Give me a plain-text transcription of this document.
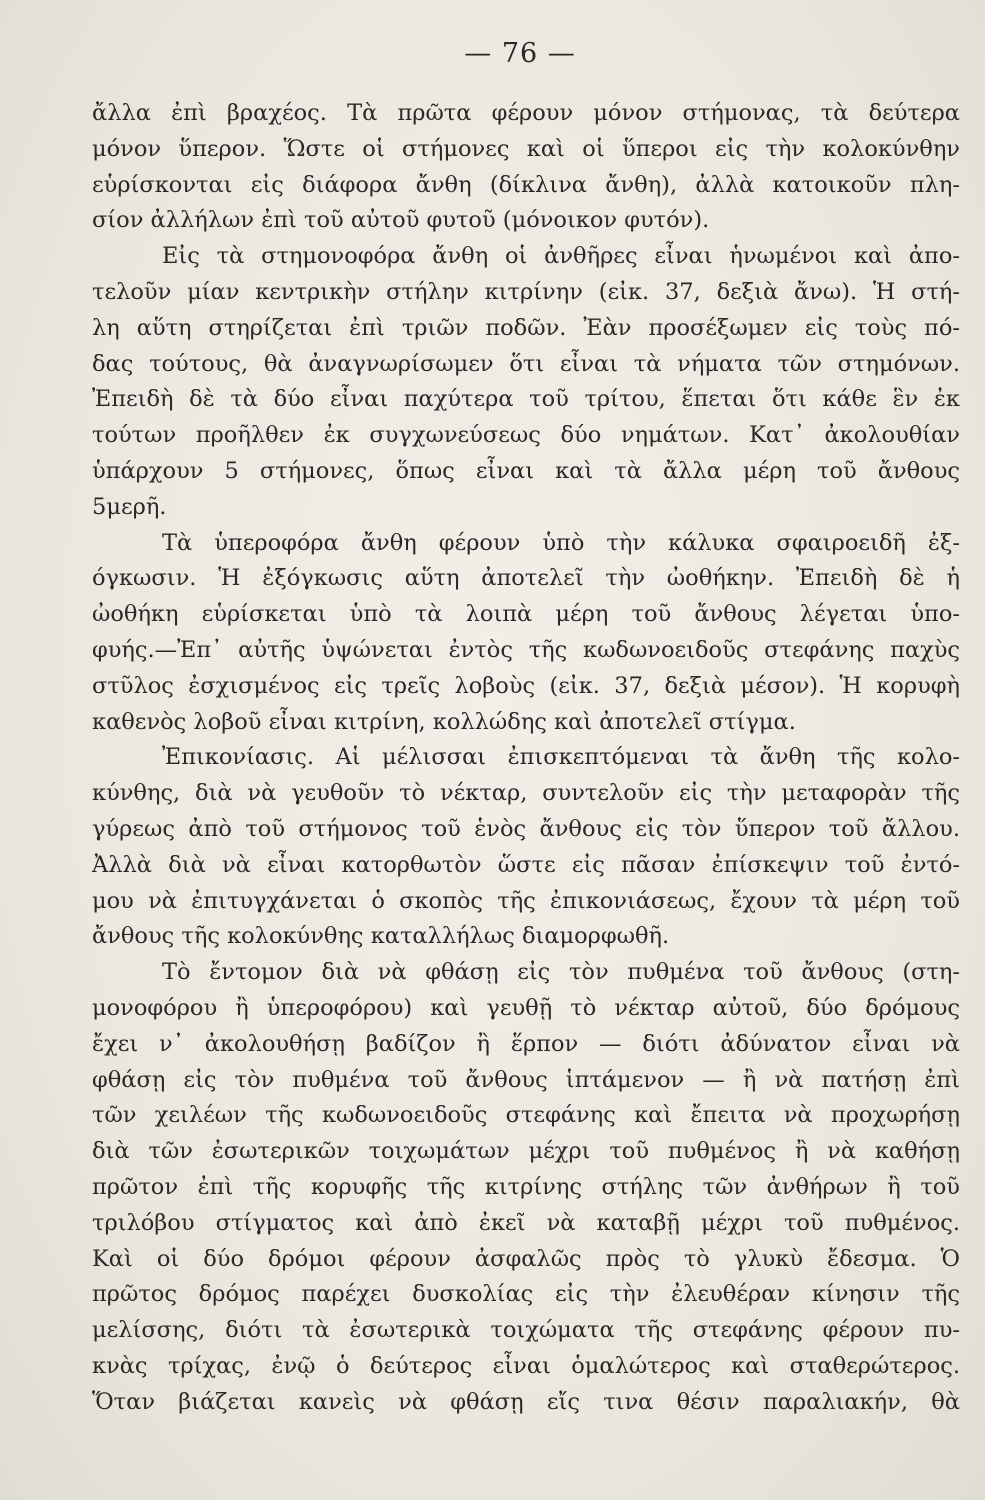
— 76 —
ἄλλα ἐπὶ βραχέος. Τὰ πρῶτα φέρουν μόνον στήμονας, τὰ δεύτερα
μόνον ὕπερον. Ὥστε οἱ στήμονες καὶ οἱ ὕπεροι εἰς τὴν κολοκύνθην
εὑρίσκονται εἰς διάφορα ἄνθη (δίκλινα ἄνθη), ἀλλὰ κατοικοῦν πλη-
σίον ἀλλήλων ἐπὶ τοῦ αὐτοῦ φυτοῦ (μόνοικον φυτόν).
Εἰς τὰ στημονοφόρα ἄνθη οἱ ἀνθῆρες εἶναι ἡνωμένοι καὶ ἀπο-
τελοῦν μίαν κεντρικὴν στήλην κιτρίνην (εἰκ. 37, δεξιὰ ἄνω). Ἡ στή-
λη αὕτη στηρίζεται ἐπὶ τριῶν ποδῶν. Ἐὰν προσέξωμεν εἰς τοὺς πό-
δας τούτους, θὰ ἀναγνωρίσωμεν ὅτι εἶναι τὰ νήματα τῶν στημόνων.
Ἐπειδὴ δὲ τὰ δύο εἶναι παχύτερα τοῦ τρίτου, ἕπεται ὅτι κάθε ἓν ἐκ
τούτων προῆλθεν ἐκ συγχωνεύσεως δύο νημάτων. Κατ᾽ ἀκολουθίαν
ὑπάρχουν 5 στήμονες, ὅπως εἶναι καὶ τὰ ἄλλα μέρη τοῦ ἄνθους
5μερῆ.
Τὰ ὑπεροφόρα ἄνθη φέρουν ὑπὸ τὴν κάλυκα σφαιροειδῆ ἐξ-
όγκωσιν. Ἡ ἐξόγκωσις αὕτη ἀποτελεῖ τὴν ὠοθήκην. Ἐπειδὴ δὲ ἡ
ὠοθήκη εὑρίσκεται ὑπὸ τὰ λοιπὰ μέρη τοῦ ἄνθους λέγεται ὑπο-
φυής.—Ἐπ᾽ αὐτῆς ὑψώνεται ἐντὸς τῆς κωδωνοειδοῦς στεφάνης παχὺς
στῦλος ἐσχισμένος εἰς τρεῖς λοβοὺς (εἰκ. 37, δεξιὰ μέσον). Ἡ κορυφὴ
καθενὸς λοβοῦ εἶναι κιτρίνη, κολλώδης καὶ ἀποτελεῖ στίγμα.
Ἐπικονίασις. Αἱ μέλισσαι ἐπισκεπτόμεναι τὰ ἄνθη τῆς κολο-
κύνθης, διὰ νὰ γευθοῦν τὸ νέκταρ, συντελοῦν εἰς τὴν μεταφορὰν τῆς
γύρεως ἀπὸ τοῦ στήμονος τοῦ ἑνὸς ἄνθους εἰς τὸν ὕπερον τοῦ ἄλλου.
Ἀλλὰ διὰ νὰ εἶναι κατορθωτὸν ὥστε εἰς πᾶσαν ἐπίσκεψιν τοῦ ἐντό-
μου νὰ ἐπιτυγχάνεται ὁ σκοπὸς τῆς ἐπικονιάσεως, ἔχουν τὰ μέρη τοῦ
ἄνθους τῆς κολοκύνθης καταλλήλως διαμορφωθῆ.
Τὸ ἔντομον διὰ νὰ φθάσῃ εἰς τὸν πυθμένα τοῦ ἄνθους (στη-
μονοφόρου ἢ ὑπεροφόρου) καὶ γευθῇ τὸ νέκταρ αὐτοῦ, δύο δρόμους
ἔχει ν᾽ ἀκολουθήσῃ βαδίζον ἢ ἕρπον — διότι ἀδύνατον εἶναι νὰ
φθάσῃ εἰς τὸν πυθμένα τοῦ ἄνθους ἱπτάμενον — ἢ νὰ πατήσῃ ἐπὶ
τῶν χειλέων τῆς κωδωνοειδοῦς στεφάνης καὶ ἔπειτα νὰ προχωρήσῃ
διὰ τῶν ἐσωτερικῶν τοιχωμάτων μέχρι τοῦ πυθμένος ἢ νὰ καθήσῃ
πρῶτον ἐπὶ τῆς κορυφῆς τῆς κιτρίνης στήλης τῶν ἀνθήρων ἢ τοῦ
τριλόβου στίγματος καὶ ἀπὸ ἐκεῖ νὰ καταβῇ μέχρι τοῦ πυθμένος.
Καὶ οἱ δύο δρόμοι φέρουν ἀσφαλῶς πρὸς τὸ γλυκὺ ἔδεσμα. Ὁ
πρῶτος δρόμος παρέχει δυσκολίας εἰς τὴν ἐλευθέραν κίνησιν τῆς
μελίσσης, διότι τὰ ἐσωτερικὰ τοιχώματα τῆς στεφάνης φέρουν πυ-
κνὰς τρίχας, ἐνῷ ὁ δεύτερος εἶναι ὁμαλώτερος καὶ σταθερώτερος.
Ὅταν βιάζεται κανεὶς νὰ φθάσῃ εἴς τινα θέσιν παραλιακήν, θὰ
